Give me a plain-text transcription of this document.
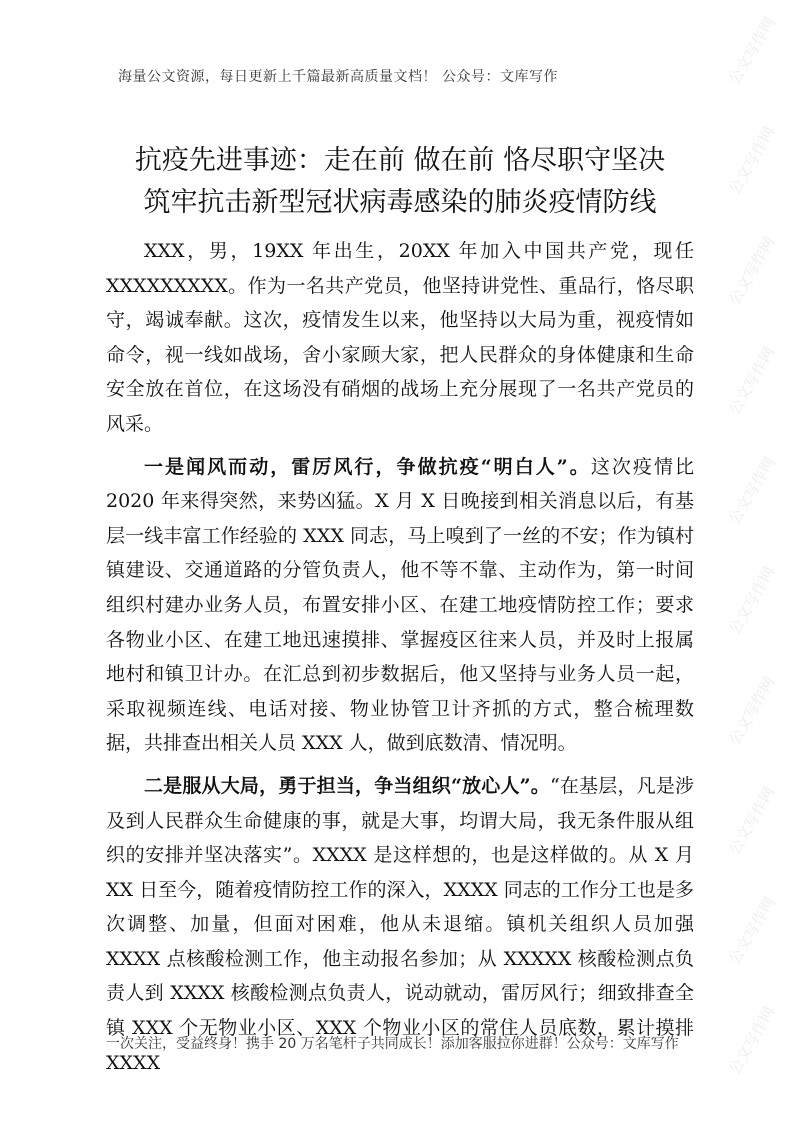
公文写作网
公文写作网
公文写作网
公文写作网
公文写作网
公文写作网
公文写作网
公文写作网
公文写作网
公文写作网
海量公文资源，每日更新上千篇最新高质量文档！ 公众号：文库写作
抗疫先进事迹：走在前 做在前 恪尽职守坚决
筑牢抗击新型冠状病毒感染的肺炎疫情防线

XXX，男，19XX 年出生，20XX 年加入中国共产党，现任 XXXXXXXXX。作为一名共产党员，他坚持讲党性、重品行，恪尽职守，竭诚奉献。这次，疫情发生以来，他坚持以大局为重，视疫情如命令，视一线如战场，舍小家顾大家，把人民群众的身体健康和生命安全放在首位，在这场没有硝烟的战场上充分展现了一名共产党员的风采。

一是闻风而动，雷厉风行，争做抗疫“明白人”。这次疫情比 2020 年来得突然，来势凶猛。X 月 X 日晚接到相关消息以后，有基层一线丰富工作经验的 XXX 同志，马上嗅到了一丝的不安；作为镇村镇建设、交通道路的分管负责人，他不等不靠、主动作为，第一时间组织村建办业务人员，布置安排小区、在建工地疫情防控工作；要求各物业小区、在建工地迅速摸排、掌握疫区往来人员，并及时上报属地村和镇卫计办。在汇总到初步数据后，他又坚持与业务人员一起，采取视频连线、电话对接、物业协管卫计齐抓的方式，整合梳理数据，共排查出相关人员 XXX 人，做到底数清、情况明。

二是服从大局，勇于担当，争当组织“放心人”。“在基层，凡是涉及到人民群众生命健康的事，就是大事，均谓大局，我无条件服从组织的安排并坚决落实”。XXXX 是这样想的，也是这样做的。从 X 月 XX 日至今，随着疫情防控工作的深入，XXXX 同志的工作分工也是多次调整、加量，但面对困难，他从未退缩。镇机关组织人员加强 XXXX 点核酸检测工作，他主动报名参加；从 XXXXX 核酸检测点负责人到 XXXX 核酸检测点负责人，说动就动，雷厉风行；细致排查全镇 XXX 个无物业小区、XXX 个物业小区的常住人员底数，累计摸排 XXXX

一次关注，受益终身！携手 20 万名笔杆子共同成长！添加客服拉你进群！公众号：文库写作
